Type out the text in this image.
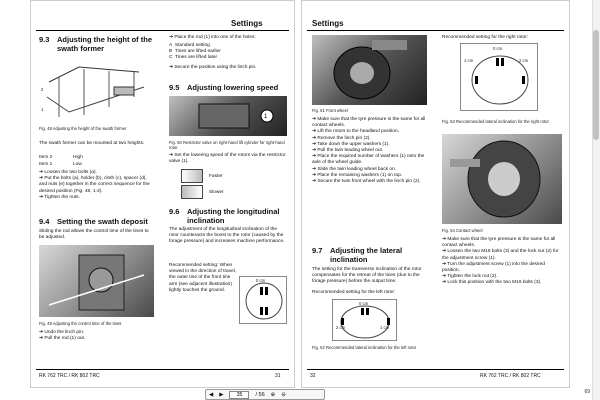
Settings
9.3 Adjusting the height of the swath former
2
1
Fig. 48 Adjusting the height of the swath former
The swath former can be mounted at two heights.
Item 2	High
Item 1	Low
➔ Loosen the two bolts (a).
➔ Put the bolts (a), holder (b), cloth (c), spacer (d), and nuts (e) together in the correct sequence for the desired position (Fig. 48, 1-2).
➔ Tighten the nuts.
9.4 Setting the swath deposit
Sliding the rod allows the control time of the tines to be adjusted.
Fig. 49 Adjusting the control time of the tines
➔ Undo the linch pin.
➔ Pull the rod (1) out.
➔ Place the rod (1) into one of the holes:
A Standard setting
B Tines are lifted earlier
C Tines are lifted later
➔ Secure the position using the linch pin.
9.5 Adjusting lowering speed
1
Fig. 50 Restrictor valve on right-hand lift cylinder for right-hand rotor
➔ Set the lowering speed of the rotors via the restrictor valve (1).
Faster
Slower
9.6 Adjusting the longitudinal inclination
The adjustment of the longitudinal inclination of the rotor counteracts the boost to the rotor (caused by the forage pressure) and increases machine performance.
Recommended setting: When viewed in the direction of travel, the outer tine of the front tine arm (see adjacent illustration) lightly touches the ground.
0 cm
RK 762 TRC / RK 802 TRC	31
Settings
Fig. 51 Front wheel
➔ Make sure that the tyre pressure is the same for all contact wheels.
➔ Lift the rotors to the headland position.
➔ Remove the linch pin (2).
➔ Take down the upper washers (1).
➔ Pull the twin leading wheel out.
➔ Place the required number of washers (1) onto the axle of the wheel guide.
➔ Slide the twin leading wheel back on.
➔ Place the remaining washers (1) on top.
➔ Secure the twin front wheel with the linch pin (2).
9.7 Adjusting the lateral inclination
The setting for the transverse inclination of the rotor compensates for the retreat of the tines (due to the forage pressure) before the output time.
Recommended setting for the left rotor:
0 cm
2 cm	1 cm
Fig. 52 Recommended lateral inclination for the left rotor
Recommended setting for the right rotor:
0 cm
1 cm	2 cm
Fig. 53 Recommended lateral inclination for the right rotor
Fig. 54 Contact wheel
➔ Make sure that the tyre pressure is the same for all contact wheels.
➔ Loosen the two M16 bolts (3) and the lock nut (2) for the adjustment screw (1).
➔ Turn the adjustment screw (1) into the desired position.
➔ Tighten the lock nut (2).
➔ Lock this position with the two M16 bolts (3).
32	RK 762 TRC / RK 802 TRC
◀ ▶
35	/ 56 ⊕ ⊖	69
